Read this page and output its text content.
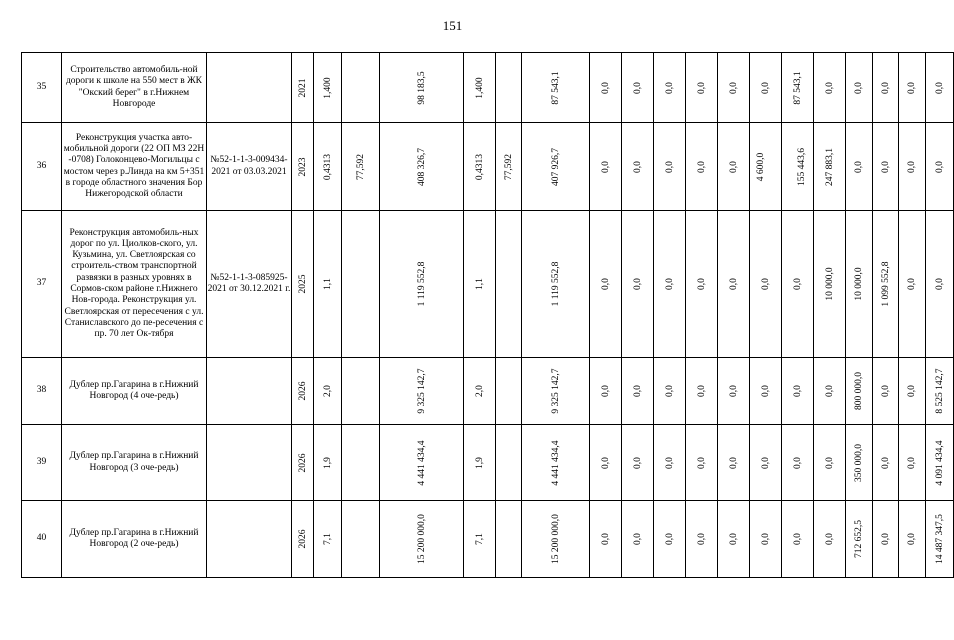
151
35	Строительство автомобиль-ной дороги к школе на 550 мест в ЖК "Окский берег" в г.Нижнем Новгороде		2021	1,400		98 183,5	1,400		87 543,1	0,0	0,0	0,0	0,0	0,0	0,0	87 543,1	0,0	0,0	0,0	0,0	0,0

36	Реконструкция участка авто-мобильной дороги (22 ОП МЗ 22Н -0708) Голоконцево-Могильцы с мостом через р.Линда на км 5+351 в городе областного значения Бор Нижегородской области	№52-1-1-3-009434-2021 от 03.03.2021	2023	0,4313	77,592	408 326,7	0,4313	77,592	407 926,7	0,0	0,0	0,0	0,0	0,0	4 600,0	155 443,6	247 883,1	0,0	0,0	0,0	0,0

37	Реконструкция автомобиль-ных дорог по ул. Циолков-ского, ул. Кузьмина, ул. Светлоярская со строитель-ством транспортной развязки в разных уровнях в Сормов-ском районе г.Нижнего Нов-города. Реконструкция ул. Светлоярская от пересечения с ул. Станиславского до пе-ресечения с пр. 70 лет Ок-тября	№52-1-1-3-085925-2021 от 30.12.2021 г.	2025	1,1		1 119 552,8	1,1		1 119 552,8	0,0	0,0	0,0	0,0	0,0	0,0	0,0	10 000,0	10 000,0	1 099 552,8	0,0	0,0

38	Дублер пр.Гагарина в г.Нижний Новгород (4 оче-редь)		2026	2,0		9 325 142,7	2,0		9 325 142,7	0,0	0,0	0,0	0,0	0,0	0,0	0,0	0,0	800 000,0	0,0	0,0	8 525 142,7

39	Дублер пр.Гагарина в г.Нижний Новгород (3 оче-редь)		2026	1,9		4 441 434,4	1,9		4 441 434,4	0,0	0,0	0,0	0,0	0,0	0,0	0,0	0,0	350 000,0	0,0	0,0	4 091 434,4

40	Дублер пр.Гагарина в г.Нижний Новгород (2 оче-редь)		2026	7,1		15 200 000,0	7,1		15 200 000,0	0,0	0,0	0,0	0,0	0,0	0,0	0,0	0,0	712 652,5	0,0	0,0	14 487 347,5
